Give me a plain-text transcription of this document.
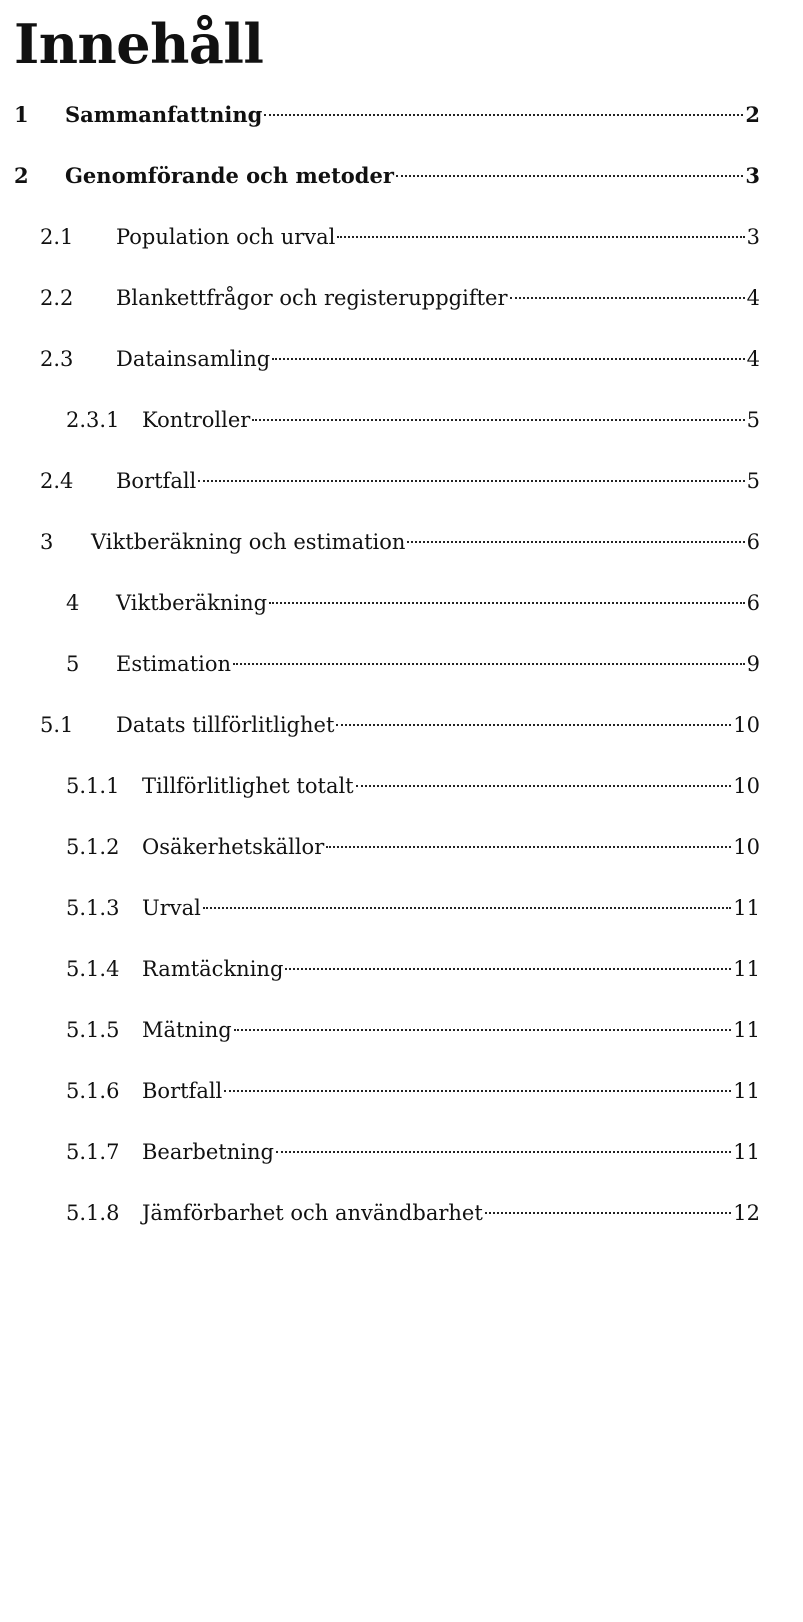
Innehåll
1	Sammanfattning	2
2	Genomförande och metoder	3
2.1	Population och urval	3
2.2	Blankettfrågor och registeruppgifter	4
2.3	Datainsamling	4
2.3.1	Kontroller	5
2.4	Bortfall	5
3	Viktberäkning och estimation	6
4	Viktberäkning	6
5	Estimation	9
5.1	Datats tillförlitlighet	10
5.1.1	Tillförlitlighet totalt	10
5.1.2	Osäkerhetskällor	10
5.1.3	Urval	11
5.1.4	Ramtäckning	11
5.1.5	Mätning	11
5.1.6	Bortfall	11
5.1.7	Bearbetning	11
5.1.8	Jämförbarhet och användbarhet	12
